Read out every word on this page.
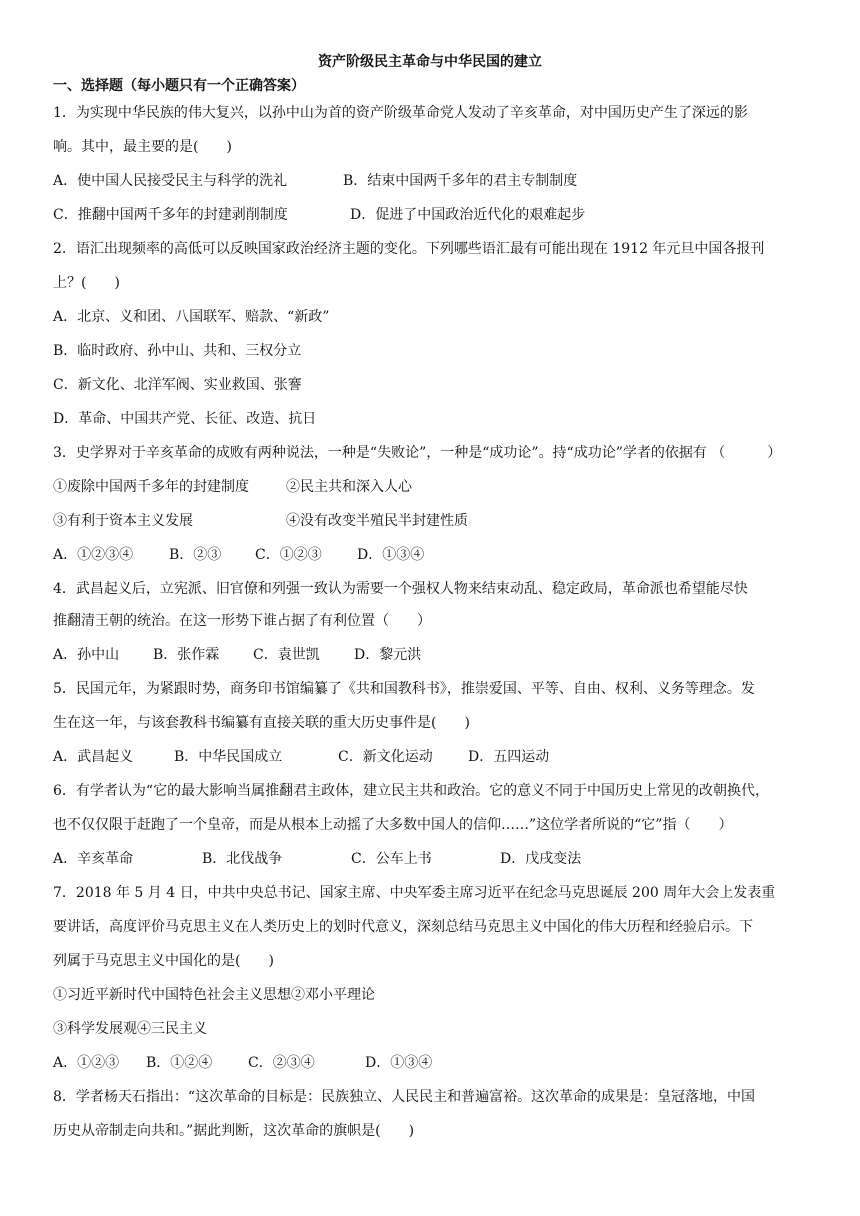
资产阶级民主革命与中华民国的建立
一、选择题（每小题只有一个正确答案）
1．为实现中华民族的伟大复兴，以孙中山为首的资产阶级革命党人发动了辛亥革命，对中国历史产生了深远的影
响。其中，最主要的是(　　)
A．使中国人民接受民主与科学的洗礼	B．结束中国两千多年的君主专制制度
C．推翻中国两千多年的封建剥削制度	D．促进了中国政治近代化的艰难起步
2．语汇出现频率的高低可以反映国家政治经济主题的变化。下列哪些语汇最有可能出现在 1912 年元旦中国各报刊
上？(　　)
A．北京、义和团、八国联军、赔款、“新政”
B．临时政府、孙中山、共和、三权分立
C．新文化、北洋军阀、实业救国、张謇
D．革命、中国共产党、长征、改造、抗日
3．史学界对于辛亥革命的成败有两种说法，一种是“失败论”，一种是“成功论”。持“成功论”学者的依据有 （　　　）
①废除中国两千多年的封建制度	②民主共和深入人心
③有利于资本主义发展	④没有改变半殖民半封建性质
A．①②③④	B．②③ C．①②③	D．①③④
4．武昌起义后，立宪派、旧官僚和列强一致认为需要一个强权人物来结束动乱、稳定政局，革命派也希望能尽快
推翻清王朝的统治。在这一形势下谁占据了有利位置（　　）
A．孙中山 B．张作霖 C．袁世凯 D．黎元洪
5．民国元年，为紧跟时势，商务印书馆编纂了《共和国教科书》，推崇爱国、平等、自由、权利、义务等理念。发
生在这一年，与该套教科书编纂有直接关联的重大历史事件是(　　)
A．武昌起义	B．中华民国成立	C．新文化运动	D．五四运动
6．有学者认为“它的最大影响当属推翻君主政体，建立民主共和政治。它的意义不同于中国历史上常见的改朝换代，
也不仅仅限于赶跑了一个皇帝，而是从根本上动摇了大多数中国人的信仰……”这位学者所说的“它”指（　　）
A．辛亥革命	B．北伐战争	C．公车上书	D．戊戌变法
7．2018 年 5 月 4 日，中共中央总书记、国家主席、中央军委主席习近平在纪念马克思诞辰 200 周年大会上发表重
要讲话，高度评价马克思主义在人类历史上的划时代意义，深刻总结马克思主义中国化的伟大历程和经验启示。下
列属于马克思主义中国化的是(　　)
①习近平新时代中国特色社会主义思想②邓小平理论
③科学发展观④三民主义
A．①②③ B．①②④	C．②③④	D．①③④
8．学者杨天石指出：“这次革命的目标是：民族独立、人民民主和普遍富裕。这次革命的成果是：皇冠落地，中国
历史从帝制走向共和。”据此判断，这次革命的旗帜是(　　)
